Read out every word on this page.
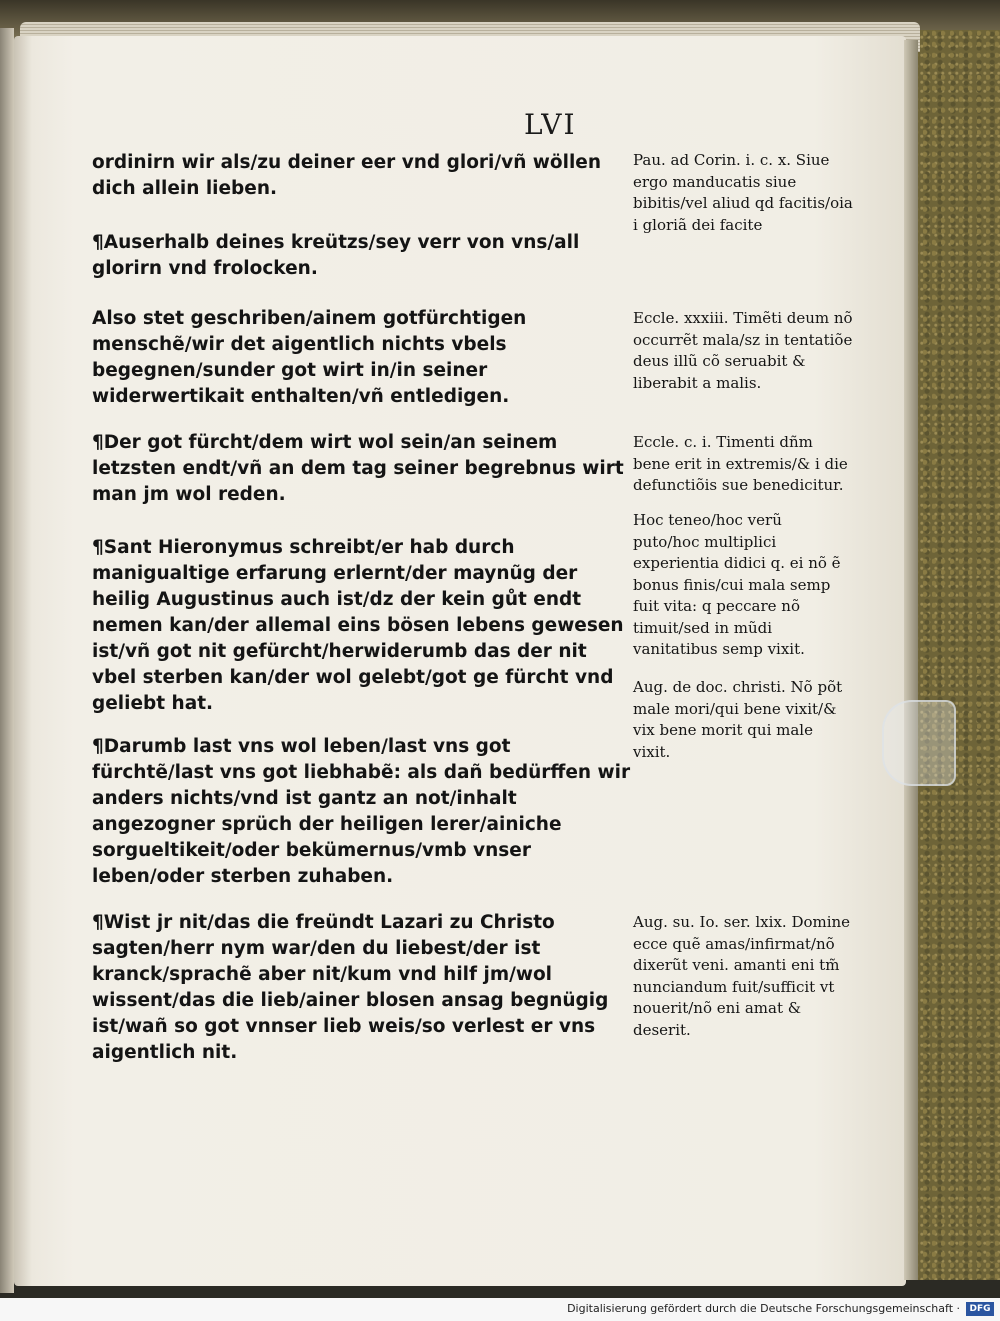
LVI

ordinirn wir als/zu deiner eer vnd glori/vñ wöllen dich allein lieben.

¶Auserhalb deines kreützs/sey verr von vns/all glorirn vnd frolocken.

Also stet geschriben/ainem gotfürchtigen menschẽ/wir det aigentlich nichts vbels begegnen/sunder got wirt in/in seiner widerwertikait enthalten/vñ entledigen.

¶Der got fürcht/dem wirt wol sein/an seinem letzsten endt/vñ an dem tag seiner begrebnus wirt man jm wol reden.

¶Sant Hieronymus schreibt/er hab durch manigualtige erfarung erlernt/der maynũg der heilig Augustinus auch ist/dz der kein gůt endt nemen kan/der allemal eins bösen lebens gewesen ist/vñ got nit gefürcht/herwiderumb das der nit vbel sterben kan/der wol gelebt/got ge fürcht vnd geliebt hat.

¶Darumb last vns wol leben/last vns got fürchtẽ/last vns got liebhabẽ: als dañ bedürffen wir anders nichts/vnd ist gantz an not/inhalt angezogner sprüch der heiligen lerer/ainiche sorgueltikeit/oder bekümernus/vmb vnser leben/oder sterben zuhaben.

¶Wist jr nit/das die freündt Lazari zu Christo sagten/herr nym war/den du liebest/der ist kranck/sprachẽ aber nit/kum vnd hilf jm/wol wissent/das die lieb/ainer blosen ansag begnügig ist/wañ so got vnnser lieb weis/so verlest er vns aigentlich nit.

Pau. ad Corin. i. c. x. Siue ergo manducatis siue bibitis/vel aliud qd facitis/oia i gloriã dei facite

Eccle. xxxiii. Timẽti deum nõ occurrẽt mala/sz in tentatiõe deus illũ cõ seruabit & liberabit a malis.

Eccle. c. i. Timenti dñm bene erit in extremis/& i die defunctiõis sue benedicitur.

Hoc teneo/hoc verũ puto/hoc multiplici experientia didici q. ei nõ ẽ bonus finis/cui mala semp fuit vita: q peccare nõ timuit/sed in mũdi vanitatibus semp vixit.

Aug. de doc. christi. Nõ põt male mori/qui bene vixit/& vix bene morit qui male vixit.

Aug. su. Io. ser. lxix. Domine ecce quẽ amas/infirmat/nõ dixerũt veni. amanti eni tm̃ nunciandum fuit/sufficit vt nouerit/nõ eni amat & deserit.

Digitalisierung gefördert durch die Deutsche Forschungsgemeinschaft ·	DFG
